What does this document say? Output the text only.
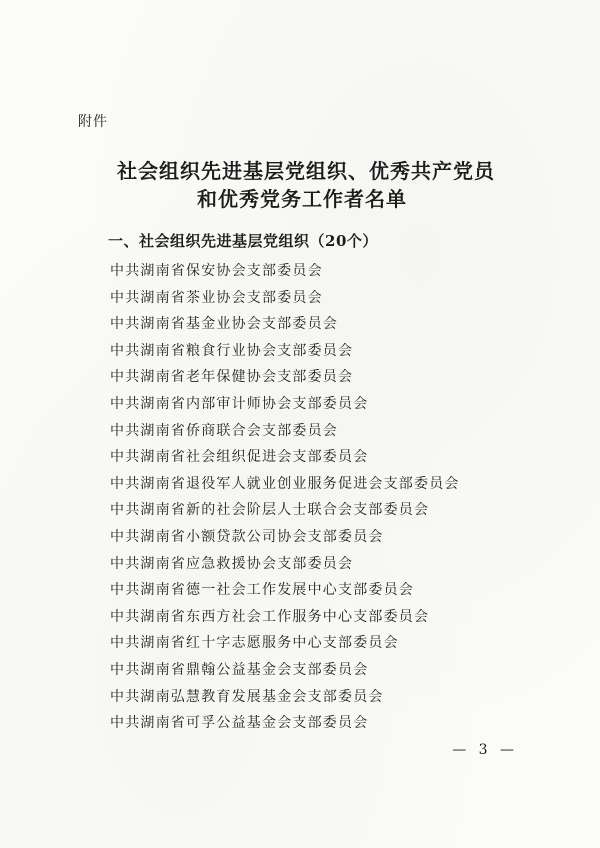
附件
社会组织先进基层党组织、优秀共产党员
和优秀党务工作者名单
一、社会组织先进基层党组织（20个）
中共湖南省保安协会支部委员会
中共湖南省茶业协会支部委员会
中共湖南省基金业协会支部委员会
中共湖南省粮食行业协会支部委员会
中共湖南省老年保健协会支部委员会
中共湖南省内部审计师协会支部委员会
中共湖南省侨商联合会支部委员会
中共湖南省社会组织促进会支部委员会
中共湖南省退役军人就业创业服务促进会支部委员会
中共湖南省新的社会阶层人士联合会支部委员会
中共湖南省小额贷款公司协会支部委员会
中共湖南省应急救援协会支部委员会
中共湖南省德一社会工作发展中心支部委员会
中共湖南省东西方社会工作服务中心支部委员会
中共湖南省红十字志愿服务中心支部委员会
中共湖南省鼎翰公益基金会支部委员会
中共湖南弘慧教育发展基金会支部委员会
中共湖南省可孚公益基金会支部委员会
— 3 —
